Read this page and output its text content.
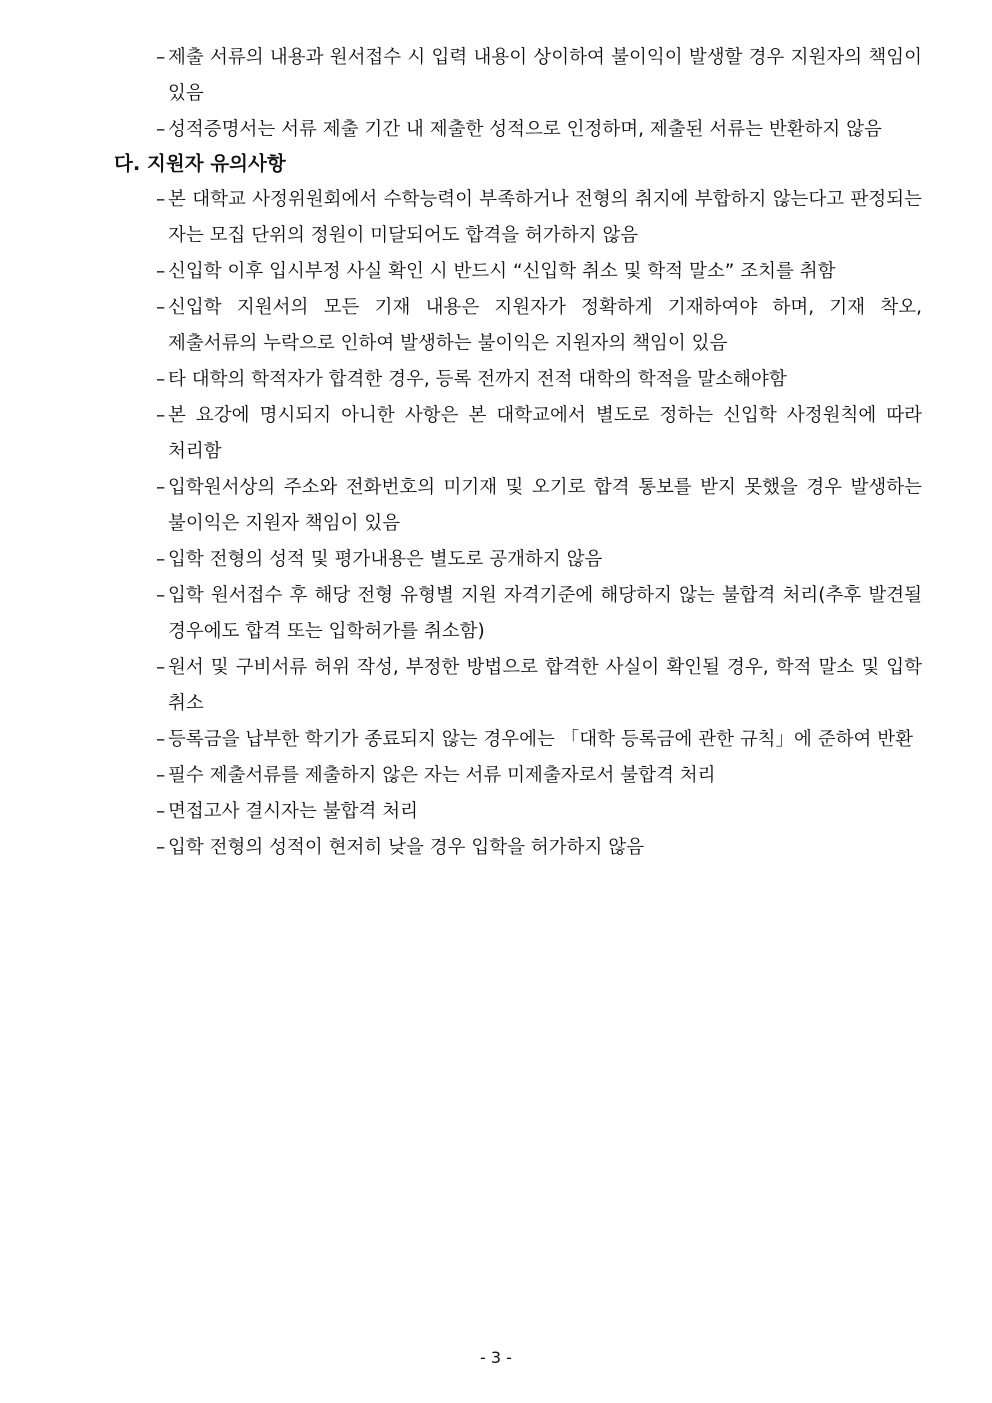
– 제출 서류의 내용과 원서접수 시 입력 내용이 상이하여 불이익이 발생할 경우 지원자의 책임이 있음
– 성적증명서는 서류 제출 기간 내 제출한 성적으로 인정하며, 제출된 서류는 반환하지 않음
다. 지원자 유의사항
– 본 대학교 사정위원회에서 수학능력이 부족하거나 전형의 취지에 부합하지 않는다고 판정되는 자는 모집 단위의 정원이 미달되어도 합격을 허가하지 않음
– 신입학 이후 입시부정 사실 확인 시 반드시 “신입학 취소 및 학적 말소” 조치를 취함
– 신입학 지원서의 모든 기재 내용은 지원자가 정확하게 기재하여야 하며, 기재 착오, 제출서류의 누락으로 인하여 발생하는 불이익은 지원자의 책임이 있음
– 타 대학의 학적자가 합격한 경우, 등록 전까지 전적 대학의 학적을 말소해야함
– 본 요강에 명시되지 아니한 사항은 본 대학교에서 별도로 정하는 신입학 사정원칙에 따라 처리함
– 입학원서상의 주소와 전화번호의 미기재 및 오기로 합격 통보를 받지 못했을 경우 발생하는 불이익은 지원자 책임이 있음
– 입학 전형의 성적 및 평가내용은 별도로 공개하지 않음
– 입학 원서접수 후 해당 전형 유형별 지원 자격기준에 해당하지 않는 불합격 처리(추후 발견될 경우에도 합격 또는 입학허가를 취소함)
– 원서 및 구비서류 허위 작성, 부정한 방법으로 합격한 사실이 확인될 경우, 학적 말소 및 입학 취소
– 등록금을 납부한 학기가 종료되지 않는 경우에는 「대학 등록금에 관한 규칙」에 준하여 반환
– 필수 제출서류를 제출하지 않은 자는 서류 미제출자로서 불합격 처리
– 면접고사 결시자는 불합격 처리
– 입학 전형의 성적이 현저히 낮을 경우 입학을 허가하지 않음
- 3 -
